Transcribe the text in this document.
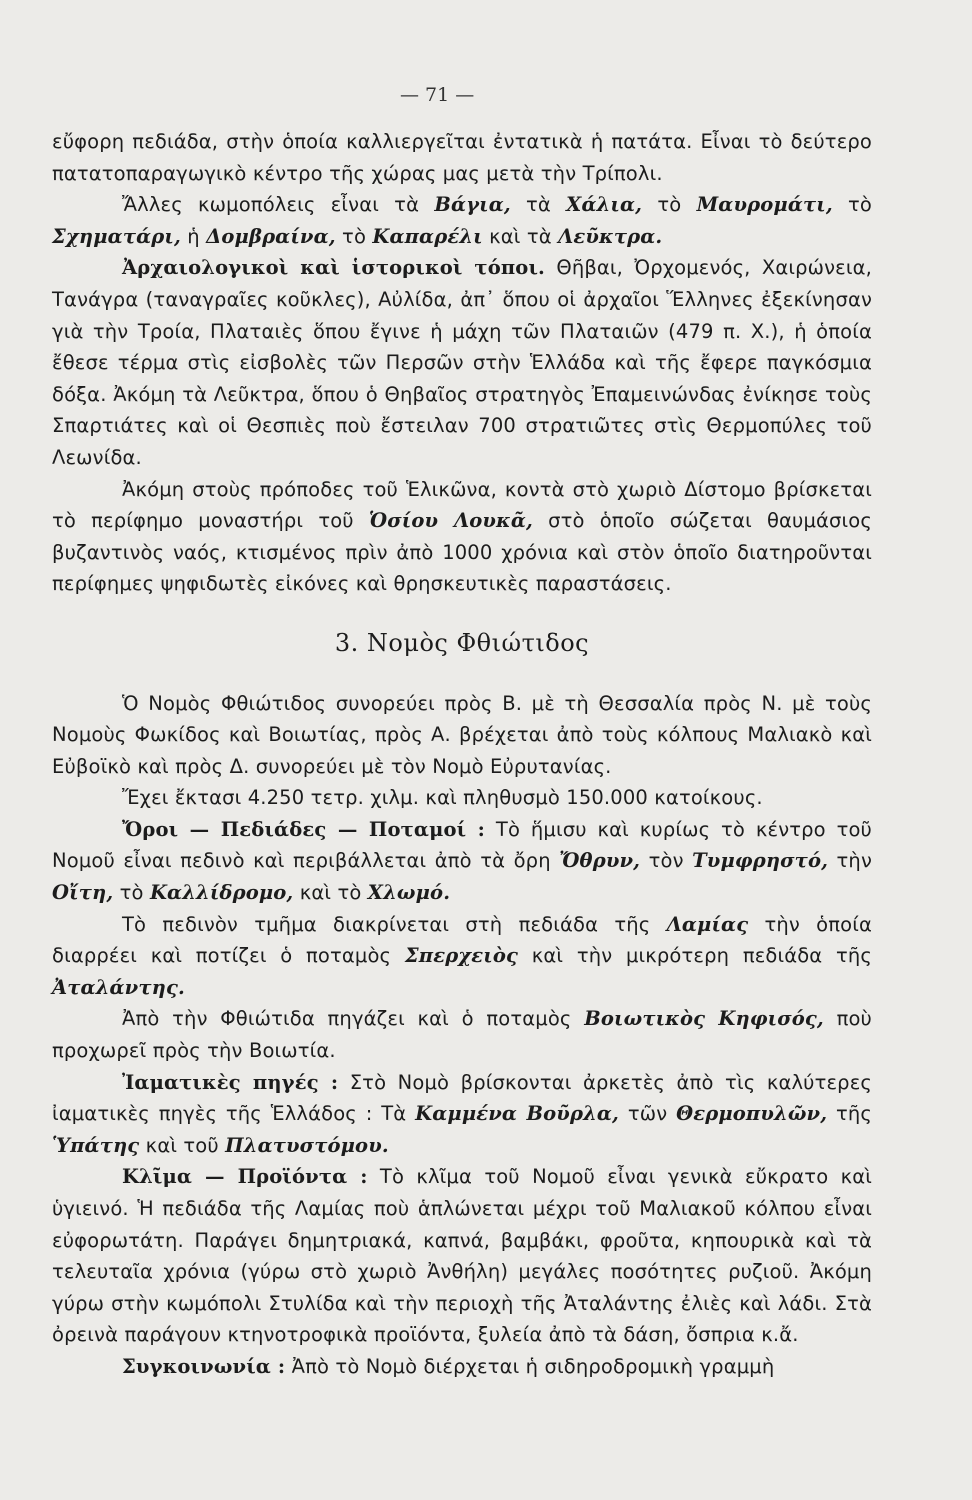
— 71 —

εὔφορη πεδιάδα, στὴν ὁποία καλλιεργεῖται ἐντατικὰ ἡ πατάτα. Εἶναι τὸ δεύτερο πατατοπαραγωγικὸ κέντρο τῆς χώρας μας μετὰ τὴν Τρίπολι.

Ἄλλες κωμοπόλεις εἶναι τὰ Βάγια, τὰ Χάλια, τὸ Μαυρομάτι, τὸ Σχηματάρι, ἡ Δομβραίνα, τὸ Καπαρέλι καὶ τὰ Λεῦκτρα.

Ἀρχαιολογικοὶ καὶ ἱστορικοὶ τόποι. Θῆβαι, Ὀρχομενός, Χαιρώνεια, Τανάγρα (ταναγραῖες κοῦκλες), Αὐλίδα, ἀπ᾽ ὅπου οἱ ἀρχαῖοι Ἕλληνες ἐξεκίνησαν γιὰ τὴν Τροία, Πλαταιὲς ὅπου ἔγινε ἡ μάχη τῶν Πλαταιῶν (479 π. Χ.), ἡ ὁποία ἔθεσε τέρμα στὶς εἰσβολὲς τῶν Περσῶν στὴν Ἑλλάδα καὶ τῆς ἔφερε παγκόσμια δόξα. Ἀκόμη τὰ Λεῦκτρα, ὅπου ὁ Θηβαῖος στρατηγὸς Ἐπαμεινώνδας ἐνίκησε τοὺς Σπαρτιάτες καὶ οἱ Θεσπιὲς ποὺ ἔστειλαν 700 στρατιῶτες στὶς Θερμοπύλες τοῦ Λεωνίδα.

Ἀκόμη στοὺς πρόποδες τοῦ Ἑλικῶνα, κοντὰ στὸ χωριὸ Δίστομο βρίσκεται τὸ περίφημο μοναστήρι τοῦ Ὁσίου Λουκᾶ, στὸ ὁποῖο σώζεται θαυμάσιος βυζαντινὸς ναός, κτισμένος πρὶν ἀπὸ 1000 χρόνια καὶ στὸν ὁποῖο διατηροῦνται περίφημες ψηφιδωτὲς εἰκόνες καὶ θρησκευτικὲς παραστάσεις.

3. Νομὸς Φθιώτιδος

Ὁ Νομὸς Φθιώτιδος συνορεύει πρὸς Β. μὲ τὴ Θεσσαλία πρὸς Ν. μὲ τοὺς Νομοὺς Φωκίδος καὶ Βοιωτίας, πρὸς Α. βρέχεται ἀπὸ τοὺς κόλπους Μαλιακὸ καὶ Εὐβοϊκὸ καὶ πρὸς Δ. συνορεύει μὲ τὸν Νομὸ Εὐρυτανίας.

Ἔχει ἔκτασι 4.250 τετρ. χιλμ. καὶ πληθυσμὸ 150.000 κατοίκους.

Ὄροι — Πεδιάδες — Ποταμοί : Τὸ ἥμισυ καὶ κυρίως τὸ κέντρο τοῦ Νομοῦ εἶναι πεδινὸ καὶ περιβάλλεται ἀπὸ τὰ ὄρη Ὄθρυν, τὸν Τυμφρηστό, τὴν Οἴτη, τὸ Καλλίδρομο, καὶ τὸ Χλωμό.

Τὸ πεδινὸν τμῆμα διακρίνεται στὴ πεδιάδα τῆς Λαμίας τὴν ὁποία διαρρέει καὶ ποτίζει ὁ ποταμὸς Σπερχειὸς καὶ τὴν μικρότερη πεδιάδα τῆς Ἀταλάντης.

Ἀπὸ τὴν Φθιώτιδα πηγάζει καὶ ὁ ποταμὸς Βοιωτικὸς Κηφισός, ποὺ προχωρεῖ πρὸς τὴν Βοιωτία.

Ἰαματικὲς πηγές : Στὸ Νομὸ βρίσκονται ἀρκετὲς ἀπὸ τὶς καλύτερες ἰαματικὲς πηγὲς τῆς Ἑλλάδος : Τὰ Καμμένα Βοῦρλα, τῶν Θερμοπυλῶν, τῆς Ὑπάτης καὶ τοῦ Πλατυστόμου.

Κλῖμα — Προϊόντα : Τὸ κλῖμα τοῦ Νομοῦ εἶναι γενικὰ εὔκρατο καὶ ὑγιεινό. Ἡ πεδιάδα τῆς Λαμίας ποὺ ἁπλώνεται μέχρι τοῦ Μαλιακοῦ κόλπου εἶναι εὐφορωτάτη. Παράγει δημητριακά, καπνά, βαμβάκι, φροῦτα, κηπουρικὰ καὶ τὰ τελευταῖα χρόνια (γύρω στὸ χωριὸ Ἀνθήλη) μεγάλες ποσότητες ρυζιοῦ. Ἀκόμη γύρω στὴν κωμόπολι Στυλίδα καὶ τὴν περιοχὴ τῆς Ἀταλάντης ἐλιὲς καὶ λάδι. Στὰ ὀρεινὰ παράγουν κτηνοτροφικὰ προϊόντα, ξυλεία ἀπὸ τὰ δάση, ὄσπρια κ.ἄ.

Συγκοινωνία : Ἀπὸ τὸ Νομὸ διέρχεται ἡ σιδηροδρομικὴ γραμμὴ
